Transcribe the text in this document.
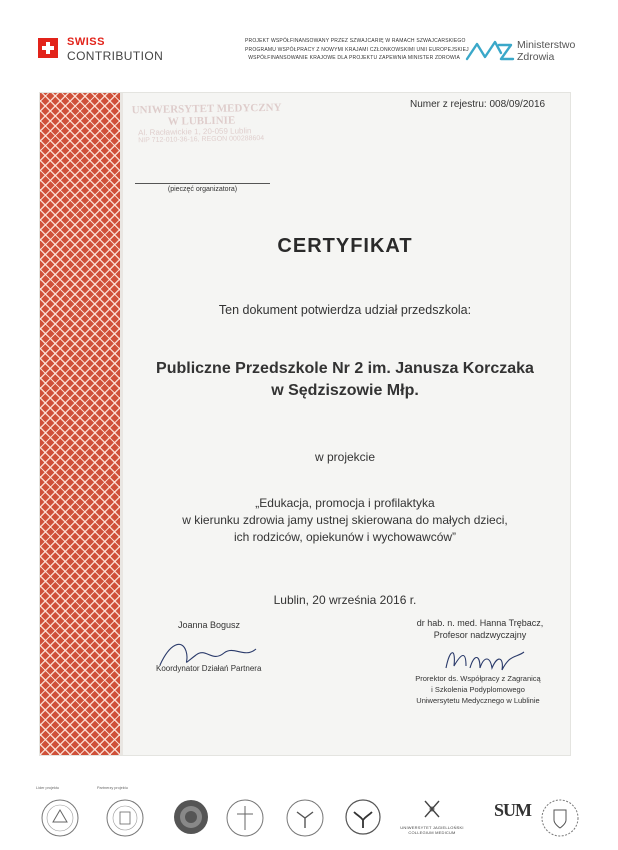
SWISS
CONTRIBUTION
PROJEKT WSPÓŁFINANSOWANY PRZEZ SZWAJCARIĘ W RAMACH SZWAJCARSKIEGO
PROGRAMU WSPÓŁPRACY Z NOWYMI KRAJAMI CZŁONKOWSKIMI UNII EUROPEJSKIEJ
WSPÓŁFINANSOWANIE KRAJOWE DLA PROJEKTU ZAPEWNIA MINISTER ZDROWIA
Ministerstwo
Zdrowia
Numer z rejestru: 008/09/2016
UNIWERSYTET MEDYCZNY
W LUBLINIE
Al. Racławickie 1, 20-059 Lublin
NIP 712-010-36-16, REGON 000288604
(pieczęć organizatora)
CERTYFIKAT
Ten dokument potwierdza udział przedszkola:
Publiczne Przedszkole Nr 2 im. Janusza Korczaka
w Sędziszowie Młp.
w projekcie
„Edukacja, promocja i profilaktyka
w kierunku zdrowia jamy ustnej skierowana do małych dzieci,
ich rodziców, opiekunów i wychowawców”
Lublin, 20 września 2016 r.
Joanna Bogusz
Koordynator Działań Partnera
dr hab. n. med. Hanna Trębacz,
Profesor nadzwyczajny
Prorektor ds. Współpracy z Zagranicą
i Szkolenia Podyplomowego
Uniwersytetu Medycznego w Lublinie
Lider projektu	Partnerzy projektu
UNIWERSYTET JAGIELLOŃSKI
COLLEGIUM MEDICUM
SUM
